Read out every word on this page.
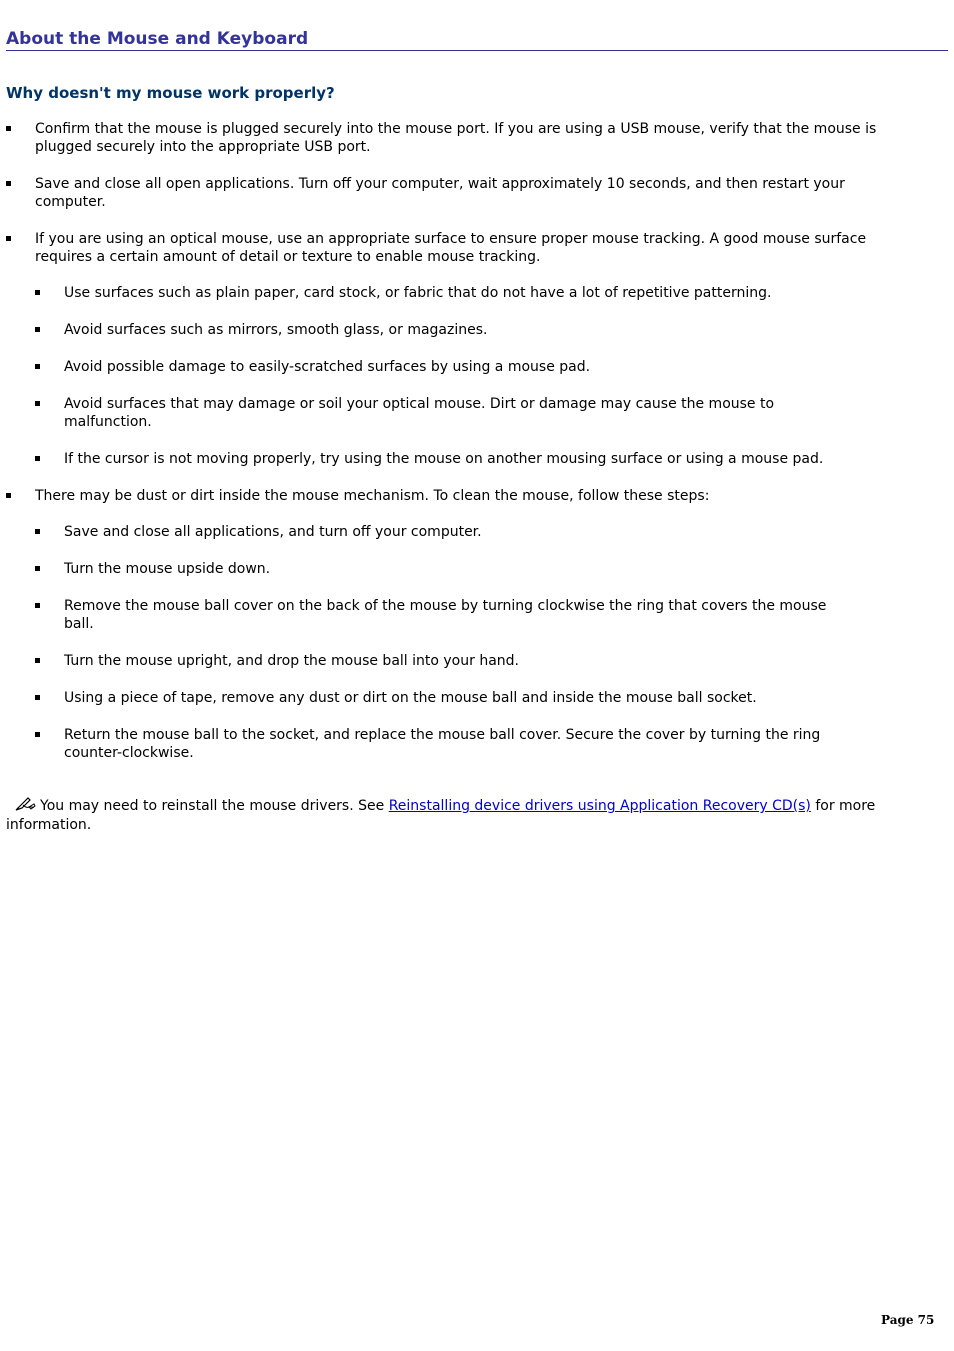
About the Mouse and Keyboard
Why doesn't my mouse work properly?
Confirm that the mouse is plugged securely into the mouse port. If you are using a USB mouse, verify that the mouse is plugged securely into the appropriate USB port.
Save and close all open applications. Turn off your computer, wait approximately 10 seconds, and then restart your computer.
If you are using an optical mouse, use an appropriate surface to ensure proper mouse tracking. A good mouse surface requires a certain amount of detail or texture to enable mouse tracking.
Use surfaces such as plain paper, card stock, or fabric that do not have a lot of repetitive patterning.
Avoid surfaces such as mirrors, smooth glass, or magazines.
Avoid possible damage to easily-scratched surfaces by using a mouse pad.
Avoid surfaces that may damage or soil your optical mouse. Dirt or damage may cause the mouse to malfunction.
If the cursor is not moving properly, try using the mouse on another mousing surface or using a mouse pad.
There may be dust or dirt inside the mouse mechanism. To clean the mouse, follow these steps:
Save and close all applications, and turn off your computer.
Turn the mouse upside down.
Remove the mouse ball cover on the back of the mouse by turning clockwise the ring that covers the mouse ball.
Turn the mouse upright, and drop the mouse ball into your hand.
Using a piece of tape, remove any dust or dirt on the mouse ball and inside the mouse ball socket.
Return the mouse ball to the socket, and replace the mouse ball cover. Secure the cover by turning the ring counter-clockwise.
You may need to reinstall the mouse drivers. See Reinstalling device drivers using Application Recovery CD(s) for more information.
Page 75
